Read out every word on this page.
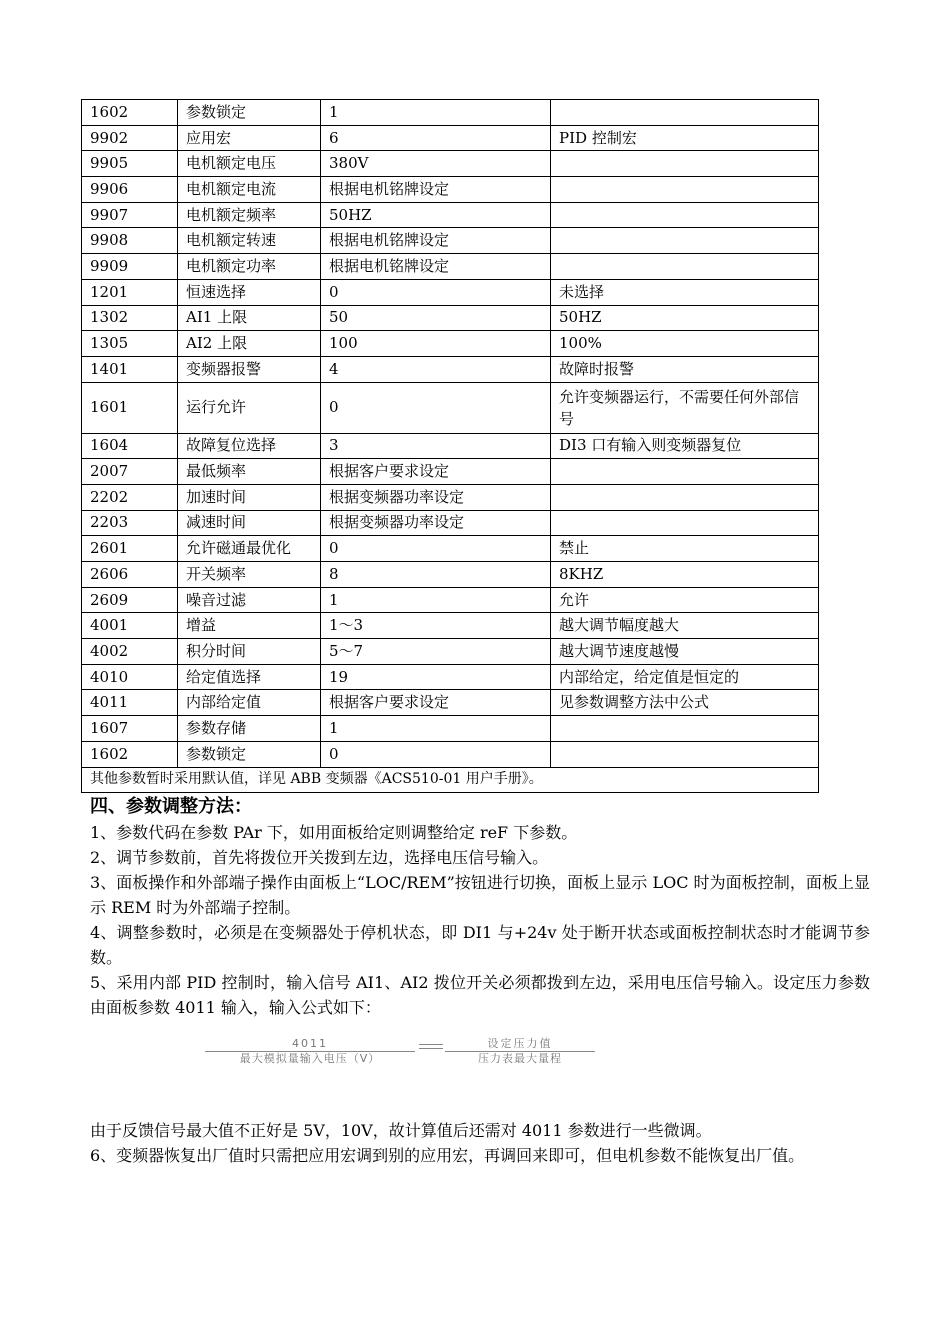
1602	参数锁定	1	
9902	应用宏	6	PID 控制宏
9905	电机额定电压	380V	
9906	电机额定电流	根据电机铭牌设定	
9907	电机额定频率	50HZ	
9908	电机额定转速	根据电机铭牌设定	
9909	电机额定功率	根据电机铭牌设定	
1201	恒速选择	0	未选择
1302	AI1 上限	50	50HZ
1305	AI2 上限	100	100%
1401	变频器报警	4	故障时报警
1601	运行允许	0	允许变频器运行，不需要任何外部信号
1604	故障复位选择	3	DI3 口有输入则变频器复位
2007	最低频率	根据客户要求设定	
2202	加速时间	根据变频器功率设定	
2203	减速时间	根据变频器功率设定	
2601	允许磁通最优化	0	禁止
2606	开关频率	8	8KHZ
2609	噪音过滤	1	允许
4001	增益	1～3	越大调节幅度越大
4002	积分时间	5～7	越大调节速度越慢
4010	给定值选择	19	内部给定，给定值是恒定的
4011	内部给定值	根据客户要求设定	见参数调整方法中公式
1607	参数存储	1	
1602	参数锁定	0	
其他参数暂时采用默认值，详见 ABB 变频器《ACS510-01 用户手册》。			
四、参数调整方法：

1、参数代码在参数 PAr 下，如用面板给定则调整给定 reF 下参数。

2、调节参数前，首先将拨位开关拨到左边，选择电压信号输入。

3、面板操作和外部端子操作由面板上“LOC/REM”按钮进行切换，面板上显示 LOC 时为面板控制，面板上显示 REM 时为外部端子控制。

4、调整参数时，必须是在变频器处于停机状态，即 DI1 与+24v 处于断开状态或面板控制状态时才能调节参数。

5、采用内部 PID 控制时，输入信号 AI1、AI2 拨位开关必须都拨到左边，采用电压信号输入。设定压力参数由面板参数 4011 输入，输入公式如下：

4011
最大模拟量输入电压（V）
设定压力值
压力表最大量程

由于反馈信号最大值不正好是 5V，10V，故计算值后还需对 4011 参数进行一些微调。

6、变频器恢复出厂值时只需把应用宏调到别的应用宏，再调回来即可，但电机参数不能恢复出厂值。
